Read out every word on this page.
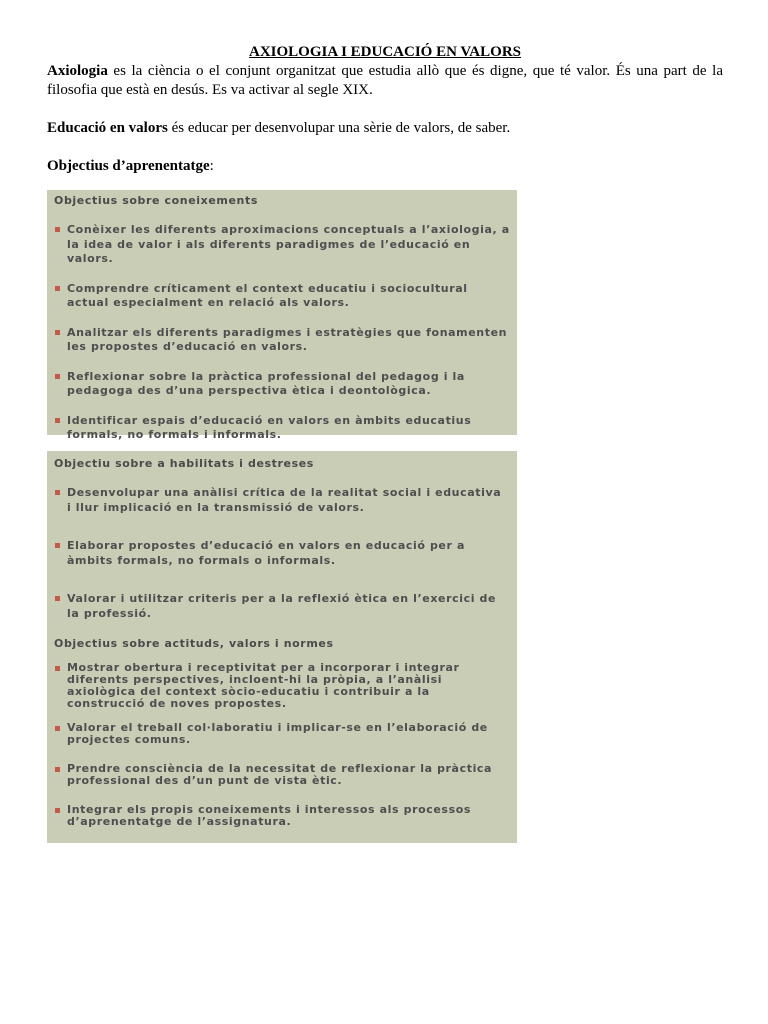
AXIOLOGIA I EDUCACIÓ EN VALORS

Axiologia es la ciència o el conjunt organitzat que estudia allò que és digne, que té valor. És una part de la filosofia que està en desús. Es va activar al segle XIX.

Educació en valors és educar per desenvolupar una sèrie de valors, de saber.

Objectius d’aprenentatge:

Objectius sobre coneixements

Conèixer les diferents aproximacions conceptuals a l’axiologia, a la idea de valor i als diferents paradigmes de l’educació en valors.
Comprendre críticament el context educatiu i sociocultural actual especialment en relació als valors.
Analitzar els diferents paradigmes i estratègies que fonamenten les propostes d’educació en valors.
Reflexionar sobre la pràctica professional del pedagog i la pedagoga des d’una perspectiva ètica i deontològica.
Identificar espais d’educació en valors en àmbits educatius formals, no formals i informals.

Objectiu sobre a habilitats i destreses

Desenvolupar una anàlisi crítica de la realitat social i educativa i llur implicació en la transmissió de valors.
Elaborar propostes d’educació en valors en educació per a àmbits formals, no formals o informals.
Valorar i utilitzar criteris per a la reflexió ètica en l’exercici de la professió.

Objectius sobre actituds, valors i normes

Mostrar obertura i receptivitat per a incorporar i integrar diferents perspectives, incloent-hi la pròpia, a l’anàlisi axiològica del context sòcio-educatiu i contribuir a la construcció de noves propostes.
Valorar el treball col·laboratiu i implicar-se en l’elaboració de projectes comuns.
Prendre consciència de la necessitat de reflexionar la pràctica professional des d’un punt de vista ètic.
Integrar els propis coneixements i interessos als processos d’aprenentatge de l’assignatura.
